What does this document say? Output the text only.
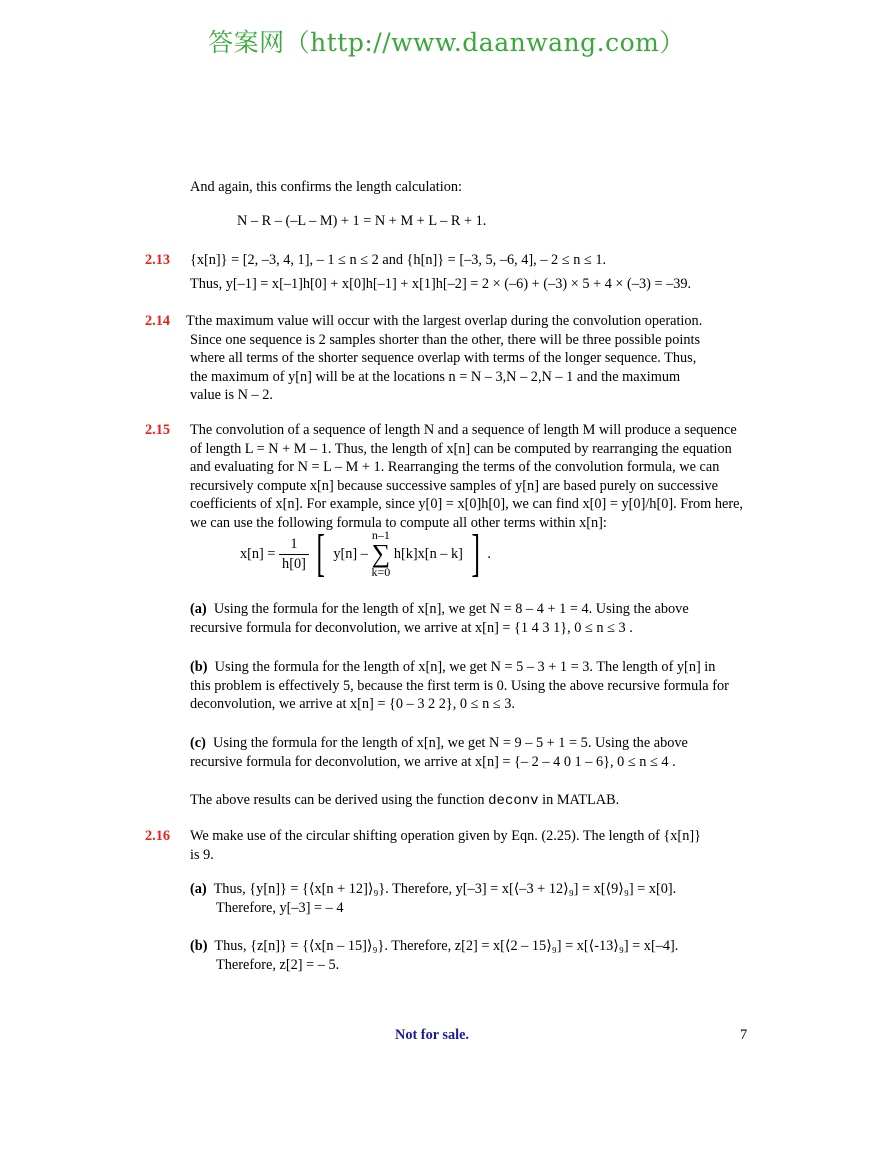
答案网（http://www.daanwang.com）
And again, this confirms the length calculation:
N – R – (–L – M) + 1 = N + M + L – R + 1.
2.13 {x[n]} = [2, –3, 4, 1], – 1 ≤ n ≤ 2 and {h[n]} = [–3, 5, –6, 4], – 2 ≤ n ≤ 1.
Thus, y[–1] = x[–1]h[0] + x[0]h[–1] + x[1]h[–2] = 2 × (–6) + (–3) × 5 + 4 × (–3) = –39.
2.14 Tthe maximum value will occur with the largest overlap during the convolution operation.
Since one sequence is 2 samples shorter than the other, there will be three possible points
where all terms of the shorter sequence overlap with terms of the longer sequence. Thus,
the maximum of y[n] will be at the locations n = N – 3,N – 2,N – 1 and the maximum
value is N – 2.
2.15 The convolution of a sequence of length N and a sequence of length M will produce a sequence
of length L = N + M – 1. Thus, the length of x[n] can be computed by rearranging the equation
and evaluating for N = L – M + 1. Rearranging the terms of the convolution formula, we can
recursively compute x[n] because successive samples of y[n] are based purely on successive
coefficients of x[n]. For example, since y[0] = x[0]h[0], we can find x[0] = y[0]/h[0]. From here,
we can use the following formula to compute all other terms within x[n]:
$x[n] = \frac{1}{h[0]}$ [ y[n] – n–1
∑
k=0 h[k]x[n – k] ] .
(a) Using the formula for the length of x[n], we get N = 8 – 4 + 1 = 4. Using the above
recursive formula for deconvolution, we arrive at x[n] = {1 4 3 1}, 0 ≤ n ≤ 3 .
(b) Using the formula for the length of x[n], we get N = 5 – 3 + 1 = 3. The length of y[n] in
this problem is effectively 5, because the first term is 0. Using the above recursive formula for
deconvolution, we arrive at x[n] = {0 – 3 2 2}, 0 ≤ n ≤ 3.
(c) Using the formula for the length of x[n], we get N = 9 – 5 + 1 = 5. Using the above
recursive formula for deconvolution, we arrive at x[n] = {– 2 – 4 0 1 – 6}, 0 ≤ n ≤ 4 .
The above results can be derived using the function deconv in MATLAB.
2.16 We make use of the circular shifting operation given by Eqn. (2.25). The length of {x[n]}
is 9.
(a) Thus, {y[n]} = {⟨x[n + 12]⟩₉}. Therefore, y[–3] = x[⟨–3 + 12⟩₉] = x[⟨9⟩₉] = x[0].
Therefore, y[–3] = – 4
(b) Thus, {z[n]} = {⟨x[n – 15]⟩₉}. Therefore, z[2] = x[⟨2 – 15⟩₉] = x[⟨-13⟩₉] = x[–4].
Therefore, z[2] = – 5.
Not for sale.	7
